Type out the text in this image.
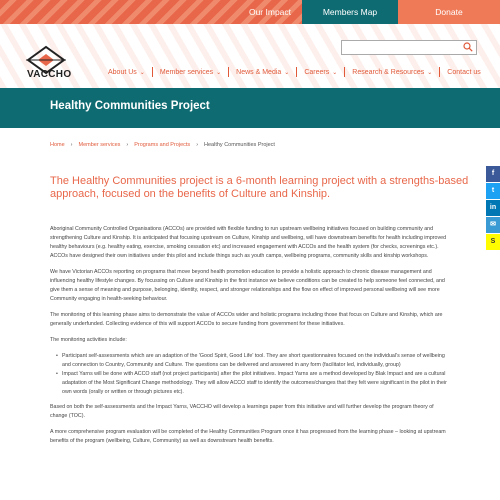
Our Impact	Members Map	Donate
VACCHO	About Us ⌄ Member services ⌄ News & Media ⌄ Careers ⌄ Research & Resources ⌄ Contact us
Healthy Communities Project
Home › Member services › Programs and Projects › Healthy Communities Project
The Healthy Communities project is a 6-month learning project with a strengths-based approach, focused on the benefits of Culture and Kinship.

Aboriginal Community Controlled Organisations (ACCOs) are provided with flexible funding to run upstream wellbeing initiatives focused on building community and strengthening Culture and Kinship. It is anticipated that focusing upstream on Culture, Kinship and wellbeing, will have downstream benefits for health including improved healthy behaviours (e.g. healthy eating, exercise, smoking cessation etc) and increased engagement with ACCOs and the health system (for checks, screenings etc.). ACCOs have designed their own initiatives under this pilot and include things such as youth camps, wellbeing programs, community skills and kinship workshops.

We have Victorian ACCOs reporting on programs that move beyond health promotion education to provide a holistic approach to chronic disease management and influencing healthy lifestyle changes. By focussing on Culture and Kinship in the first instance we believe conditions can be created to help someone feel connected, and give them a sense of meaning and purpose, belonging, identity, respect, and stronger relationships and the flow on effect of improved personal wellbeing will see more Community engaging in health-seeking behaviour.

The monitoring of this learning phase aims to demonstrate the value of ACCOs wider and holistic programs including those that focus on Culture and Kinship, which are generally underfunded. Collecting evidence of this will support ACCOs to secure funding from government for these initiatives.

The monitoring activities include:

• Participant self-assessments which are an adaption of the 'Good Spirit, Good Life' tool. They are short questionnaires focused on the individual's sense of wellbeing and connection to Country, Community and Culture. The questions can be delivered and answered in any form (facilitator led, individually, group)
• Impact Yarns will be done with ACCO staff (not project participants) after the pilot initiatives. Impact Yarns are a method developed by Blak Impact and are a cultural adaptation of the Most Significant Change methodology. They will allow ACCO staff to identify the outcomes/changes that they felt were significant in the pilot in their own words (orally or written or through pictures etc).

Based on both the self-assessments and the Impact Yarns, VACCHO will develop a learnings paper from this initiative and will further develop the program theory of change (TOC).

A more comprehensive program evaluation will be completed of the Healthy Communities Program once it has progressed from the learning phase – looking at upstream benefits of the program (wellbeing, Culture, Community) as well as downstream health benefits.

f
t
in
✉
S
